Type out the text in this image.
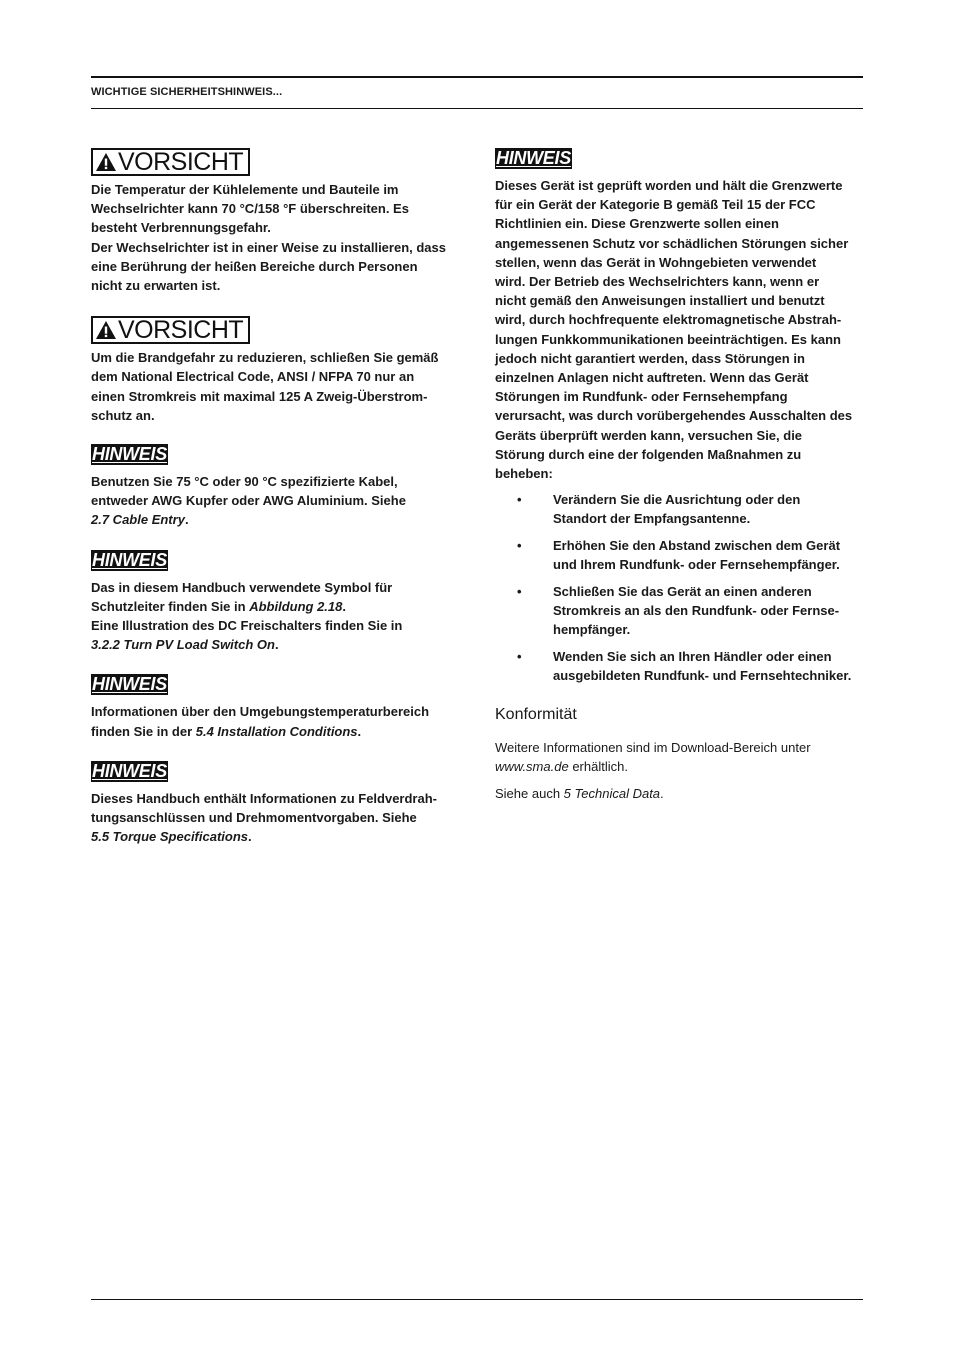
WICHTIGE SICHERHEITSHINWEIS...
VORSICHT

Die Temperatur der Kühlelemente und Bauteile im

Wechselrichter kann 70 °C/158 °F überschreiten. Es

besteht Verbrennungsgefahr.

Der Wechselrichter ist in einer Weise zu installieren, dass

eine Berührung der heißen Bereiche durch Personen

nicht zu erwarten ist.

VORSICHT

Um die Brandgefahr zu reduzieren, schließen Sie gemäß

dem National Electrical Code, ANSI / NFPA 70 nur an

einen Stromkreis mit maximal 125 A Zweig-Überstrom-

schutz an.

HINWEIS

Benutzen Sie 75 °C oder 90 °C spezifizierte Kabel,

entweder AWG Kupfer oder AWG Aluminium. Siehe

2.7 Cable Entry.

HINWEIS

Das in diesem Handbuch verwendete Symbol für

Schutzleiter finden Sie in Abbildung 2.18.

Eine Illustration des DC Freischalters finden Sie in

3.2.2 Turn PV Load Switch On.

HINWEIS

Informationen über den Umgebungstemperaturbereich

finden Sie in der 5.4 Installation Conditions.

HINWEIS

Dieses Handbuch enthält Informationen zu Feldverdrah-

tungsanschlüssen und Drehmomentvorgaben. Siehe

5.5 Torque Specifications.

HINWEIS

Dieses Gerät ist geprüft worden und hält die Grenzwerte

für ein Gerät der Kategorie B gemäß Teil 15 der FCC

Richtlinien ein. Diese Grenzwerte sollen einen

angemessenen Schutz vor schädlichen Störungen sicher

stellen, wenn das Gerät in Wohngebieten verwendet

wird. Der Betrieb des Wechselrichters kann, wenn er

nicht gemäß den Anweisungen installiert und benutzt

wird, durch hochfrequente elektromagnetische Abstrah-

lungen Funkkommunikationen beeinträchtigen. Es kann

jedoch nicht garantiert werden, dass Störungen in

einzelnen Anlagen nicht auftreten. Wenn das Gerät

Störungen im Rundfunk- oder Fernsehempfang

verursacht, was durch vorübergehendes Ausschalten des

Geräts überprüft werden kann, versuchen Sie, die

Störung durch eine der folgenden Maßnahmen zu

beheben:

• Verändern Sie die Ausrichtung oder den
Standort der Empfangsantenne.
• Erhöhen Sie den Abstand zwischen dem Gerät
und Ihrem Rundfunk- oder Fernsehempfänger.
• Schließen Sie das Gerät an einen anderen
Stromkreis an als den Rundfunk- oder Fernse-
hempfänger.
• Wenden Sie sich an Ihren Händler oder einen
ausgebildeten Rundfunk- und Fernsehtechniker.
Konformität

Weitere Informationen sind im Download-Bereich unter

www.sma.de erhältlich.

Siehe auch 5 Technical Data.
